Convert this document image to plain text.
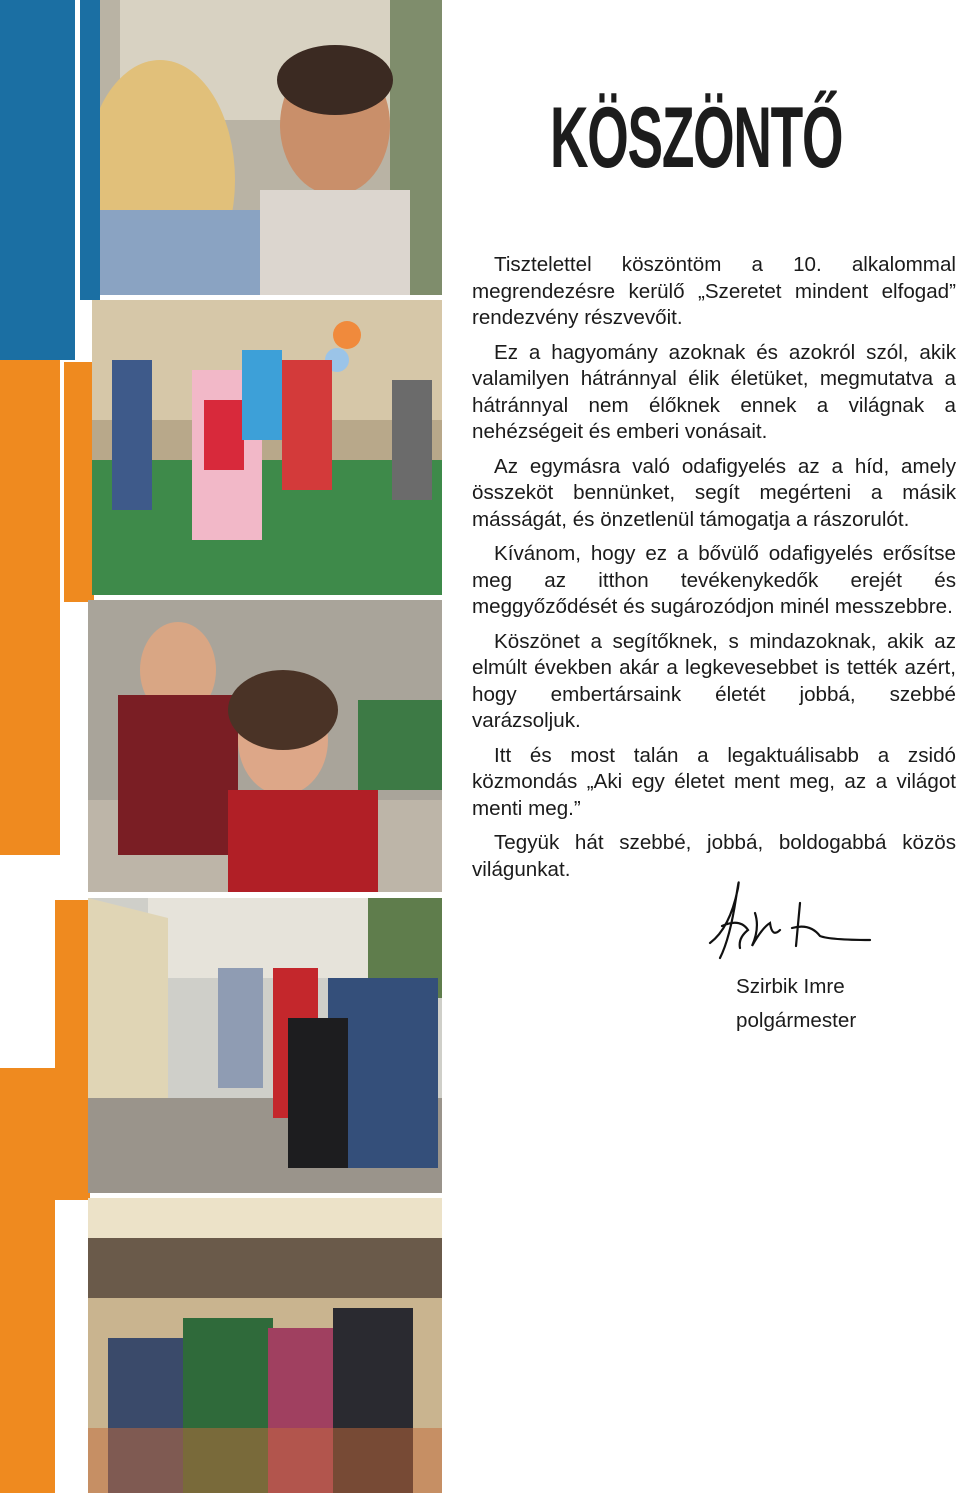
KÖSZÖNTŐ

Tisztelettel köszöntöm a 10. alkalommal megrendezésre kerülő „Szeretet mindent elfogad” rendezvény részvevőit.

Ez a hagyomány azoknak és azokról szól, akik valamilyen hátránnyal élik életüket, megmutatva a hátránnyal nem élőknek ennek a világnak a nehézségeit és emberi vonásait.

Az egymásra való odafigyelés az a híd, amely összeköt bennünket, segít megérteni a másik másságát, és önzetlenül támogatja a rászorulót.

Kívánom, hogy ez a bővülő odafigyelés erősítse meg az itthon tevékenykedők erejét és meggyőződését és sugározódjon minél messzebbre.

Köszönet a segítőknek, s mindazoknak, akik az elmúlt években akár a legkevesebbet is tették azért, hogy embertársaink életét jobbá, szebbé varázsoljuk.

Itt és most talán a legaktuálisabb a zsidó közmondás „Aki egy életet ment meg, az a világot menti meg.”

Tegyük hát szebbé, jobbá, boldogabbá közös világunkat.

Szirbik Imre
polgármester
